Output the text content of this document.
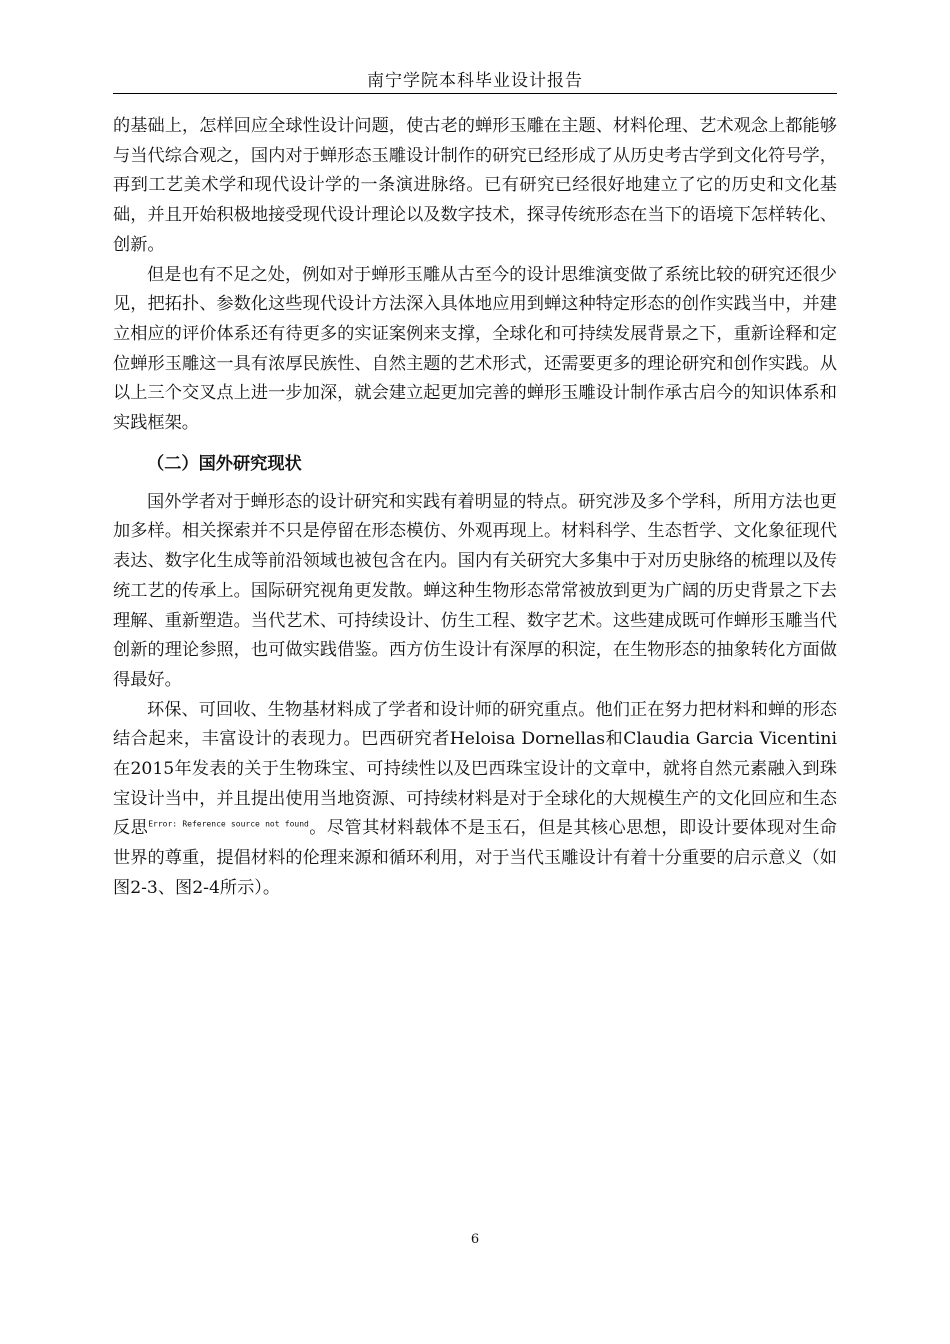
南宁学院本科毕业设计报告

的基础上，怎样回应全球性设计问题，使古老的蝉形玉雕在主题、材料伦理、艺术观念上都能够与当代综合观之，国内对于蝉形态玉雕设计制作的研究已经形成了从历史考古学到文化符号学，再到工艺美术学和现代设计学的一条演进脉络。已有研究已经很好地建立了它的历史和文化基础，并且开始积极地接受现代设计理论以及数字技术，探寻传统形态在当下的语境下怎样转化、创新。

但是也有不足之处，例如对于蝉形玉雕从古至今的设计思维演变做了系统比较的研究还很少见，把拓扑、参数化这些现代设计方法深入具体地应用到蝉这种特定形态的创作实践当中，并建立相应的评价体系还有待更多的实证案例来支撑，全球化和可持续发展背景之下，重新诠释和定位蝉形玉雕这一具有浓厚民族性、自然主题的艺术形式，还需要更多的理论研究和创作实践。从以上三个交叉点上进一步加深，就会建立起更加完善的蝉形玉雕设计制作承古启今的知识体系和实践框架。

（二）国外研究现状

国外学者对于蝉形态的设计研究和实践有着明显的特点。研究涉及多个学科，所用方法也更加多样。相关探索并不只是停留在形态模仿、外观再现上。材料科学、生态哲学、文化象征现代表达、数字化生成等前沿领域也被包含在内。国内有关研究大多集中于对历史脉络的梳理以及传统工艺的传承上。国际研究视角更发散。蝉这种生物形态常常被放到更为广阔的历史背景之下去理解、重新塑造。当代艺术、可持续设计、仿生工程、数字艺术。这些建成既可作蝉形玉雕当代创新的理论参照，也可做实践借鉴。西方仿生设计有深厚的积淀，在生物形态的抽象转化方面做得最好。

环保、可回收、生物基材料成了学者和设计师的研究重点。他们正在努力把材料和蝉的形态结合起来，丰富设计的表现力。巴西研究者Heloisa Dornellas和Claudia Garcia Vicentini在2015年发表的关于生物珠宝、可持续性以及巴西珠宝设计的文章中，就将自然元素融入到珠宝设计当中，并且提出使用当地资源、可持续材料是对于全球化的大规模生产的文化回应和生态反思$^{Error: Reference source not found}$。尽管其材料载体不是玉石，但是其核心思想，即设计要体现对生命世界的尊重，提倡材料的伦理来源和循环利用，对于当代玉雕设计有着十分重要的启示意义（如图2-3、图2-4所示）。

6
